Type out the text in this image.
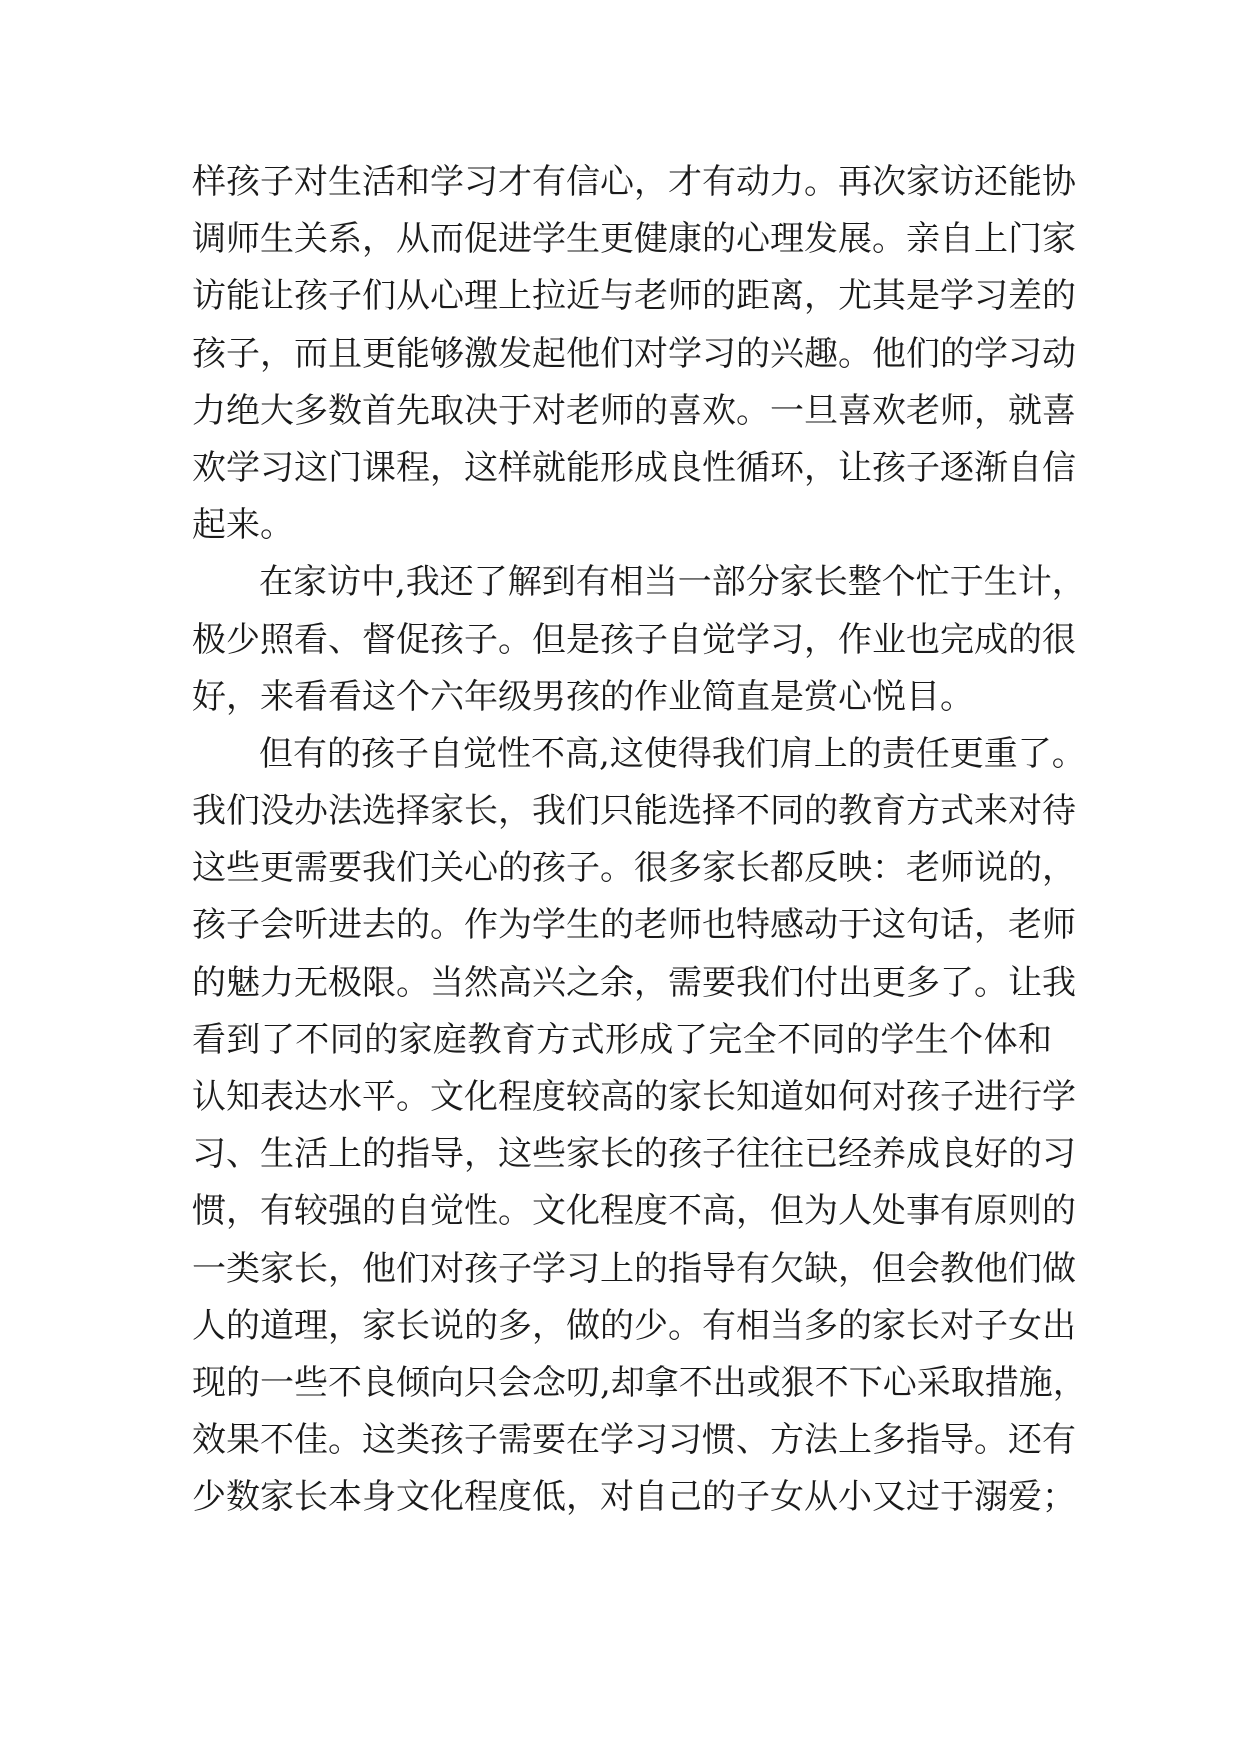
样孩子对生活和学习才有信心，才有动力。再次家访还能协
调师生关系，从而促进学生更健康的心理发展。亲自上门家
访能让孩子们从心理上拉近与老师的距离，尤其是学习差的
孩子，而且更能够激发起他们对学习的兴趣。他们的学习动
力绝大多数首先取决于对老师的喜欢。一旦喜欢老师，就喜
欢学习这门课程，这样就能形成良性循环，让孩子逐渐自信
起来。
在家访中,我还了解到有相当一部分家长整个忙于生计，
极少照看、督促孩子。但是孩子自觉学习，作业也完成的很
好，来看看这个六年级男孩的作业简直是赏心悦目。
但有的孩子自觉性不高,这使得我们肩上的责任更重了。
我们没办法选择家长，我们只能选择不同的教育方式来对待
这些更需要我们关心的孩子。很多家长都反映：老师说的，
孩子会听进去的。作为学生的老师也特感动于这句话，老师
的魅力无极限。当然高兴之余，需要我们付出更多了。让我
看到了不同的家庭教育方式形成了完全不同的学生个体和
认知表达水平。文化程度较高的家长知道如何对孩子进行学
习、生活上的指导，这些家长的孩子往往已经养成良好的习
惯，有较强的自觉性。文化程度不高，但为人处事有原则的
一类家长，他们对孩子学习上的指导有欠缺，但会教他们做
人的道理，家长说的多，做的少。有相当多的家长对子女出
现的一些不良倾向只会念叨,却拿不出或狠不下心采取措施，
效果不佳。这类孩子需要在学习习惯、方法上多指导。还有
少数家长本身文化程度低，对自己的子女从小又过于溺爱；
